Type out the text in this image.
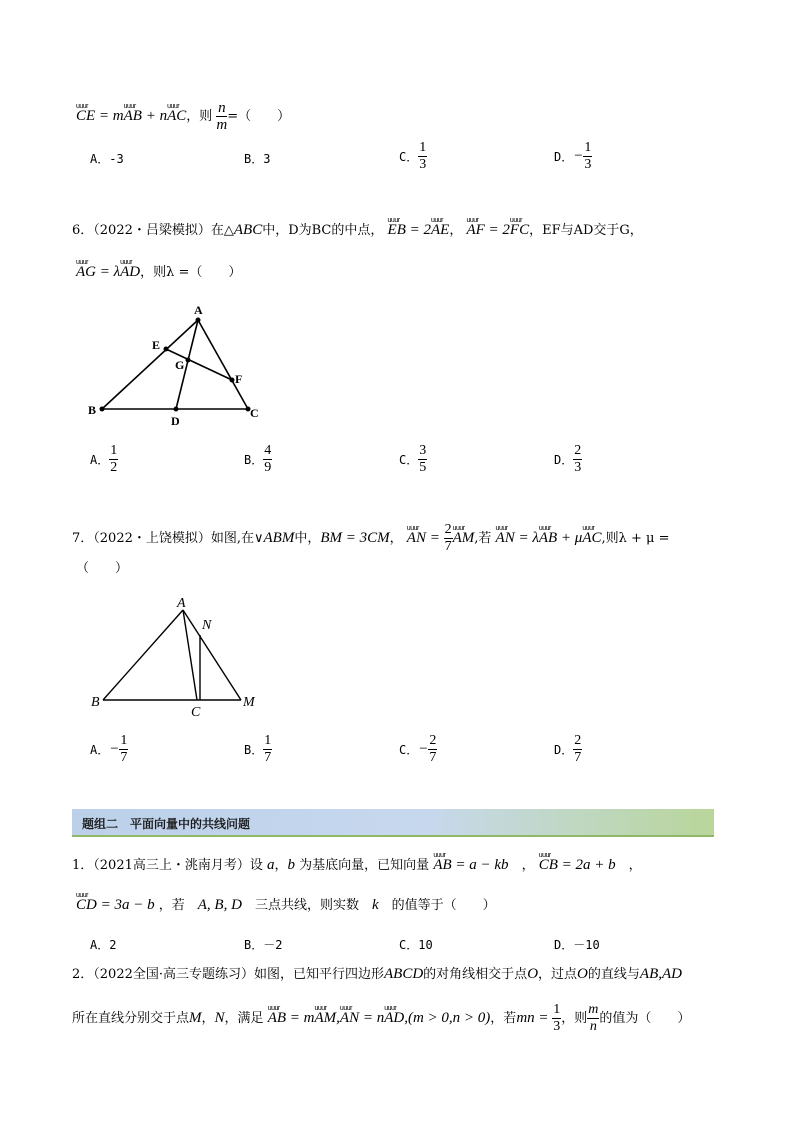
uuur CE = muuur AB + nuuur AC，则 $\frac{n}{m}$ =（　　）
A．-3	B．3	C． $\frac{1}{3}$	D．− $\frac{1}{3}$
6．（2022・吕梁模拟）在△ABC中，D为BC的中点， uuur EB = 2uuur AE， uuur AF = 2uuur FC，EF与AD交于G，
uuur AG = λuuur AD，则λ =（　　）
A
B	C
D
E
F
G
A． $\frac{1}{2}$	B． $\frac{4}{9}$	C． $\frac{3}{5}$	D． $\frac{2}{3}$
7．（2022・上饶模拟）如图,在∨ABM中，BM = 3CM， uuur AN = $\frac{2}{7}$ uuur AM,若 uuur AN = λuuur AB + μuuur AC,则λ + μ =
（　　）
A
B
C
M
N
A．− $\frac{1}{7}$	B． $\frac{1}{7}$	C．− $\frac{2}{7}$	D． $\frac{2}{7}$
题组二　平面向量中的共线问题
1．（2021高三上・洮南月考）设 a，b 为基底向量，已知向量 uuur AB = a − kb　， uuur CB = 2a + b　，
uuur CD = 3a − b ，若　 A, B, D　 三点共线，则实数　 k　 的值等于（　　）
A．2	B．－2	C．10	D．－10
2．（2022全国·高三专题练习）如图，已知平行四边形ABCD的对角线相交于点O，过点O的直线与AB,AD
所在直线分别交于点M，N，满足 uuur AB = muuur AM,uuur AN = nuuur AD,(m > 0,n > 0)，若mn = $\frac{1}{3}$ ，则 $\frac{m}{n}$ 的值为（　　）
